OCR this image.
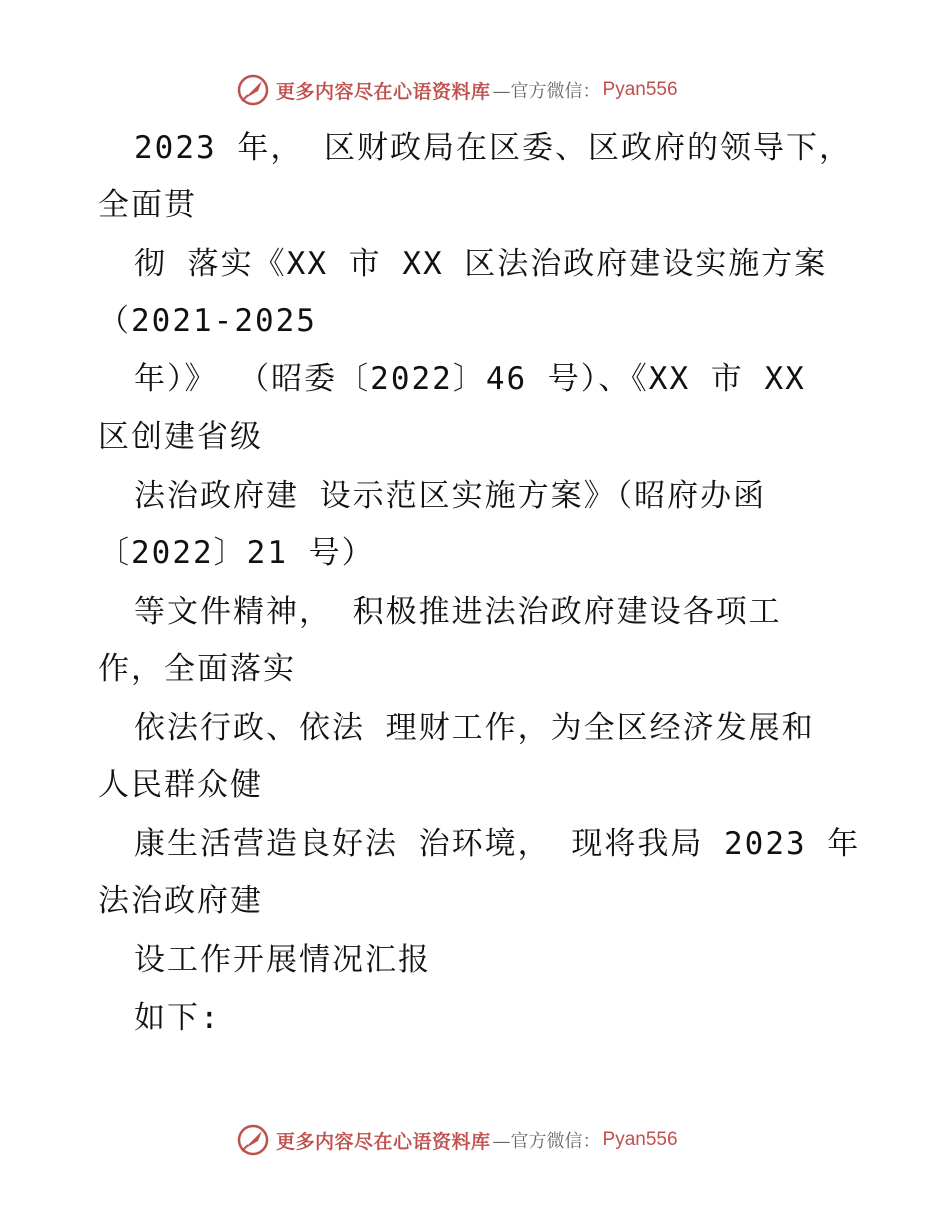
更多内容尽在心语资料库 —官方微信： Pyan556
2023 年， 区财政局在区委、区政府的领导下，
全面贯
彻 落实《XX 市 XX 区法治政府建设实施方案
（2021-2025
年）》 （昭委〔2022〕46 号）、《XX 市 XX
区创建省级
法治政府建 设示范区实施方案》（昭府办函
〔2022〕21 号）
等文件精神， 积极推进法治政府建设各项工
作，全面落实
依法行政、依法 理财工作，为全区经济发展和
人民群众健
康生活营造良好法 治环境， 现将我局 2023 年
法治政府建
设工作开展情况汇报
如下:
更多内容尽在心语资料库 —官方微信： Pyan556
